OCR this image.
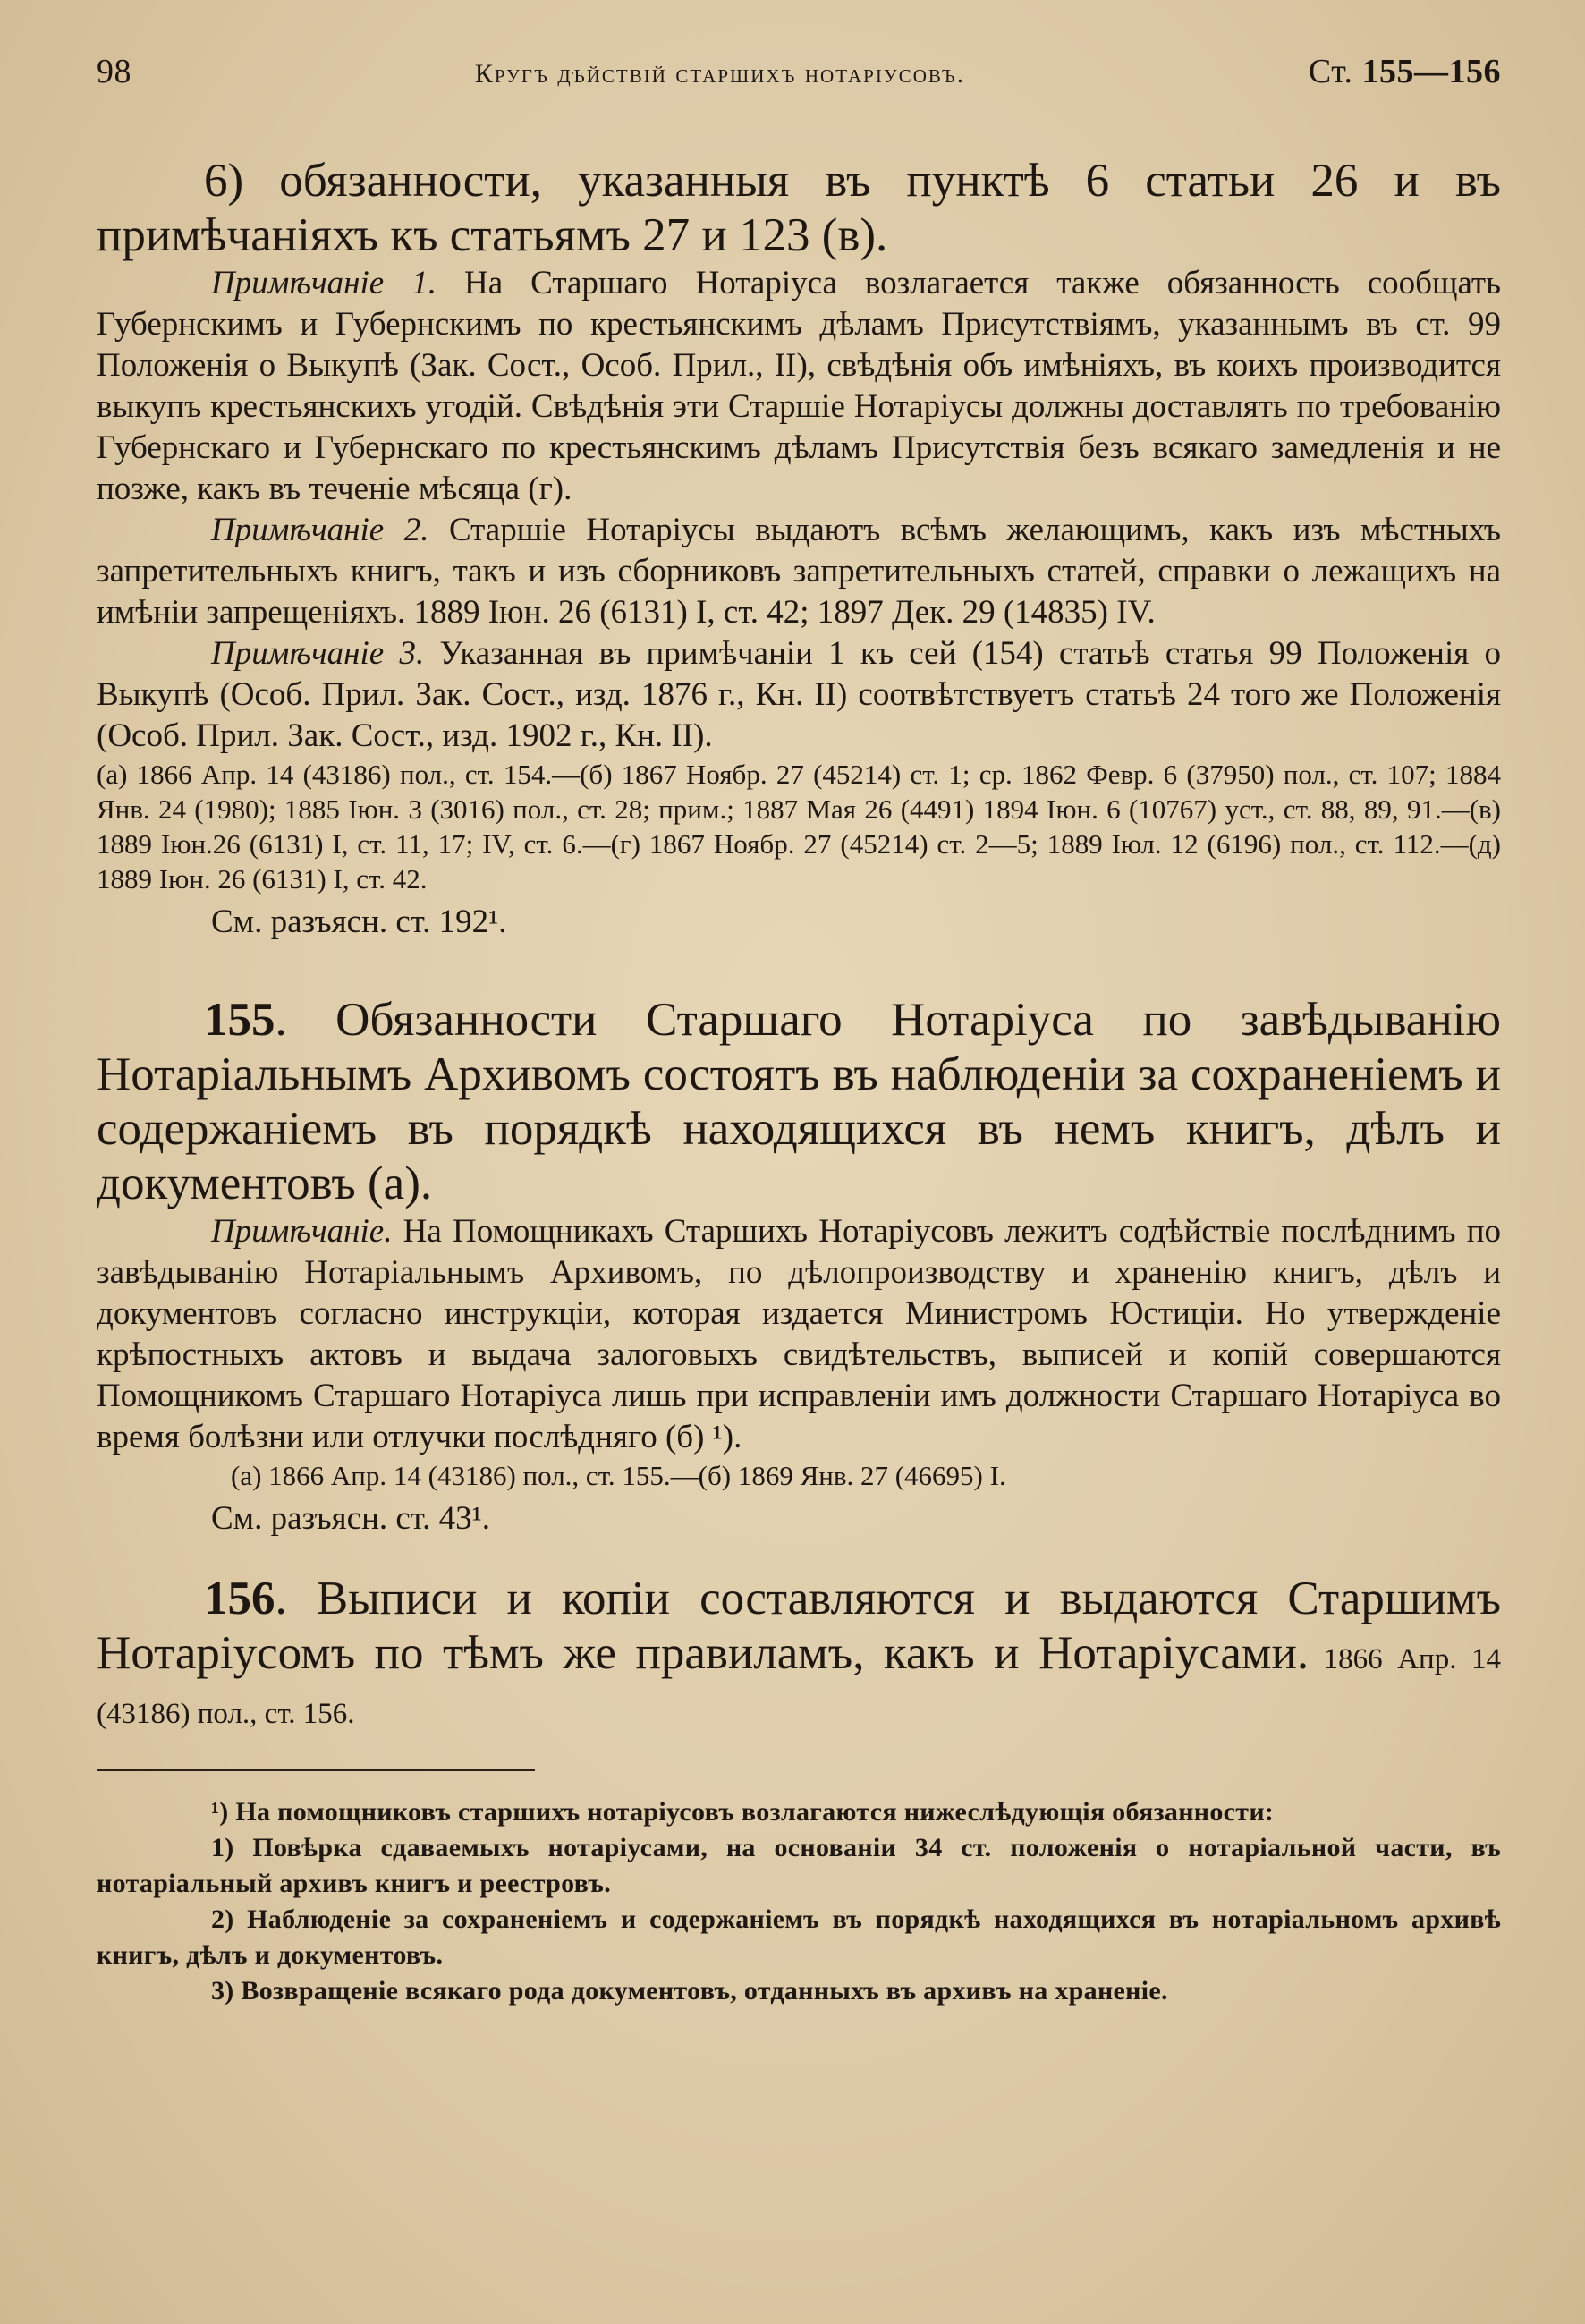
98	Кругъ дѣйствій старшихъ нотаріусовъ.	Ст. 155—156

6) обязанности, указанныя въ пунктѣ 6 статьи 26 и въ примѣчаніяхъ къ статьямъ 27 и 123 (в).

Примѣчаніе 1. На Старшаго Нотаріуса возлагается также обязанность сообщать Губернскимъ и Губернскимъ по крестьянскимъ дѣламъ Присутствіямъ, указаннымъ въ ст. 99 Положенія о Выкупѣ (Зак. Сост., Особ. Прил., II), свѣдѣнія объ имѣніяхъ, въ коихъ производится выкупъ крестьянскихъ угодій. Свѣдѣнія эти Старшіе Нотаріусы должны доставлять по требованію Губернскаго и Губернскаго по крестьянскимъ дѣламъ Присутствія безъ всякаго замедленія и не позже, какъ въ теченіе мѣсяца (г).

Примѣчаніе 2. Старшіе Нотаріусы выдаютъ всѣмъ желающимъ, какъ изъ мѣстныхъ запретительныхъ книгъ, такъ и изъ сборниковъ запретительныхъ статей, справки о лежащихъ на имѣніи запрещеніяхъ. 1889 Іюн. 26 (6131) I, ст. 42; 1897 Дек. 29 (14835) IV.

Примѣчаніе 3. Указанная въ примѣчаніи 1 къ сей (154) статьѣ статья 99 Положенія о Выкупѣ (Особ. Прил. Зак. Сост., изд. 1876 г., Кн. II) соотвѣтствуетъ статьѣ 24 того же Положенія (Особ. Прил. Зак. Сост., изд. 1902 г., Кн. II).

(а) 1866 Апр. 14 (43186) пол., ст. 154.—(б) 1867 Ноябр. 27 (45214) ст. 1; ср. 1862 Февр. 6 (37950) пол., ст. 107; 1884 Янв. 24 (1980); 1885 Іюн. 3 (3016) пол., ст. 28; прим.; 1887 Мая 26 (4491) 1894 Іюн. 6 (10767) уст., ст. 88, 89, 91.—(в) 1889 Іюн.26 (6131) I, ст. 11, 17; IV, ст. 6.—(г) 1867 Ноябр. 27 (45214) ст. 2—5; 1889 Іюл. 12 (6196) пол., ст. 112.—(д) 1889 Іюн. 26 (6131) I, ст. 42.

См. разъясн. ст. 192¹.

155. Обязанности Старшаго Нотаріуса по завѣдыванію Нотаріальнымъ Архивомъ состоятъ въ наблюденіи за сохраненіемъ и содержаніемъ въ порядкѣ находящихся въ немъ книгъ, дѣлъ и документовъ (а).

Примѣчаніе. На Помощникахъ Старшихъ Нотаріусовъ лежитъ содѣйствіе послѣднимъ по завѣдыванію Нотаріальнымъ Архивомъ, по дѣлопроизводству и храненію книгъ, дѣлъ и документовъ согласно инструкціи, которая издается Министромъ Юстиціи. Но утвержденіе крѣпостныхъ актовъ и выдача залоговыхъ свидѣтельствъ, выписей и копій совершаются Помощникомъ Старшаго Нотаріуса лишь при исправленіи имъ должности Старшаго Нотаріуса во время болѣзни или отлучки послѣдняго (б) ¹).

(а) 1866 Апр. 14 (43186) пол., ст. 155.—(б) 1869 Янв. 27 (46695) I.

См. разъясн. ст. 43¹.

156. Выписи и копіи составляются и выдаются Старшимъ Нотаріусомъ по тѣмъ же правиламъ, какъ и Нотаріусами. 1866 Апр. 14 (43186) пол., ст. 156.

¹) На помощниковъ старшихъ нотаріусовъ возлагаются нижеслѣдующія обязанности:

1) Повѣрка сдаваемыхъ нотаріусами, на основаніи 34 ст. положенія о нотаріальной части, въ нотаріальный архивъ книгъ и реестровъ.

2) Наблюденіе за сохраненіемъ и содержаніемъ въ порядкѣ находящихся въ нотаріальномъ архивѣ книгъ, дѣлъ и документовъ.

3) Возвращеніе всякаго рода документовъ, отданныхъ въ архивъ на храненіе.
